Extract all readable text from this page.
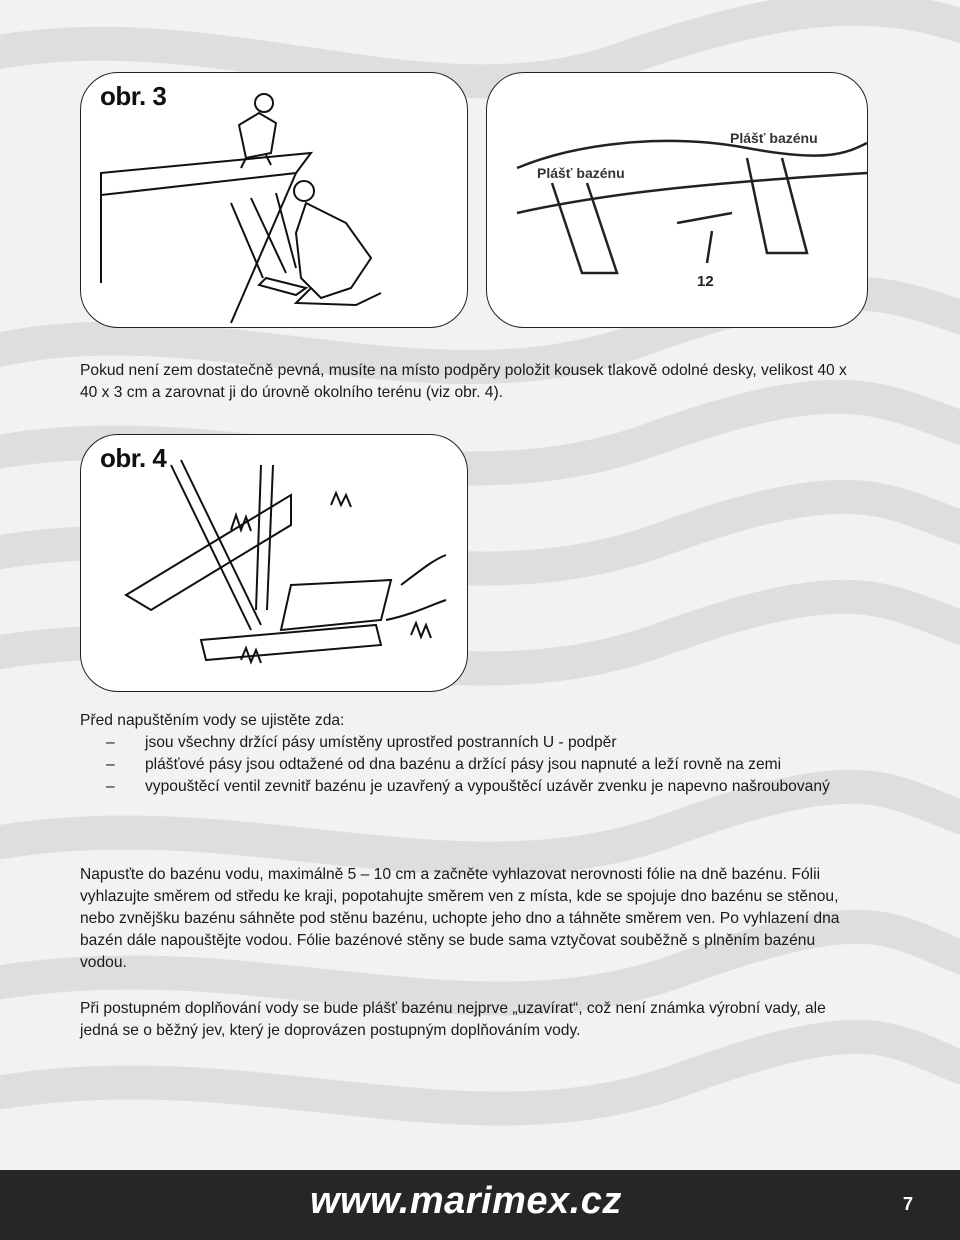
obr. 3
Plášť bazénu
Plášť bazénu
12

Pokud není zem dostatečně pevná, musíte na místo podpěry položit kousek tlakově odolné desky, velikost 40 x 40 x 3 cm a zarovnat ji do úrovně okolního terénu (viz obr. 4).

obr. 4

Před napuštěním vody se ujistěte zda:

– jsou všechny držící pásy umístěny uprostřed postranních U - podpěr
– plášťové pásy jsou odtažené od dna bazénu a držící pásy jsou napnuté a leží rovně na zemi
– vypouštěcí ventil zevnitř bazénu je uzavřený a vypouštěcí uzávěr zvenku je napevno našroubovaný

Napusťte do bazénu vodu, maximálně 5 – 10 cm a začněte vyhlazovat nerovnosti fólie na dně bazénu. Fólii vyhlazujte směrem od středu ke kraji, popotahujte směrem ven z místa, kde se spojuje dno bazénu se stěnou, nebo zvnějšku bazénu sáhněte pod stěnu bazénu, uchopte jeho dno a táhněte směrem ven. Po vyhlazení dna bazén dále napouštějte vodou. Fólie bazénové stěny se bude sama vztyčovat souběžně s plněním bazénu vodou.

Při postupném doplňování vody se bude plášť bazénu nejprve „uzavírat“, což není známka výrobní vady, ale jedná se o běžný jev, který je doprovázen postupným doplňováním vody.

www.marimex.cz	7
